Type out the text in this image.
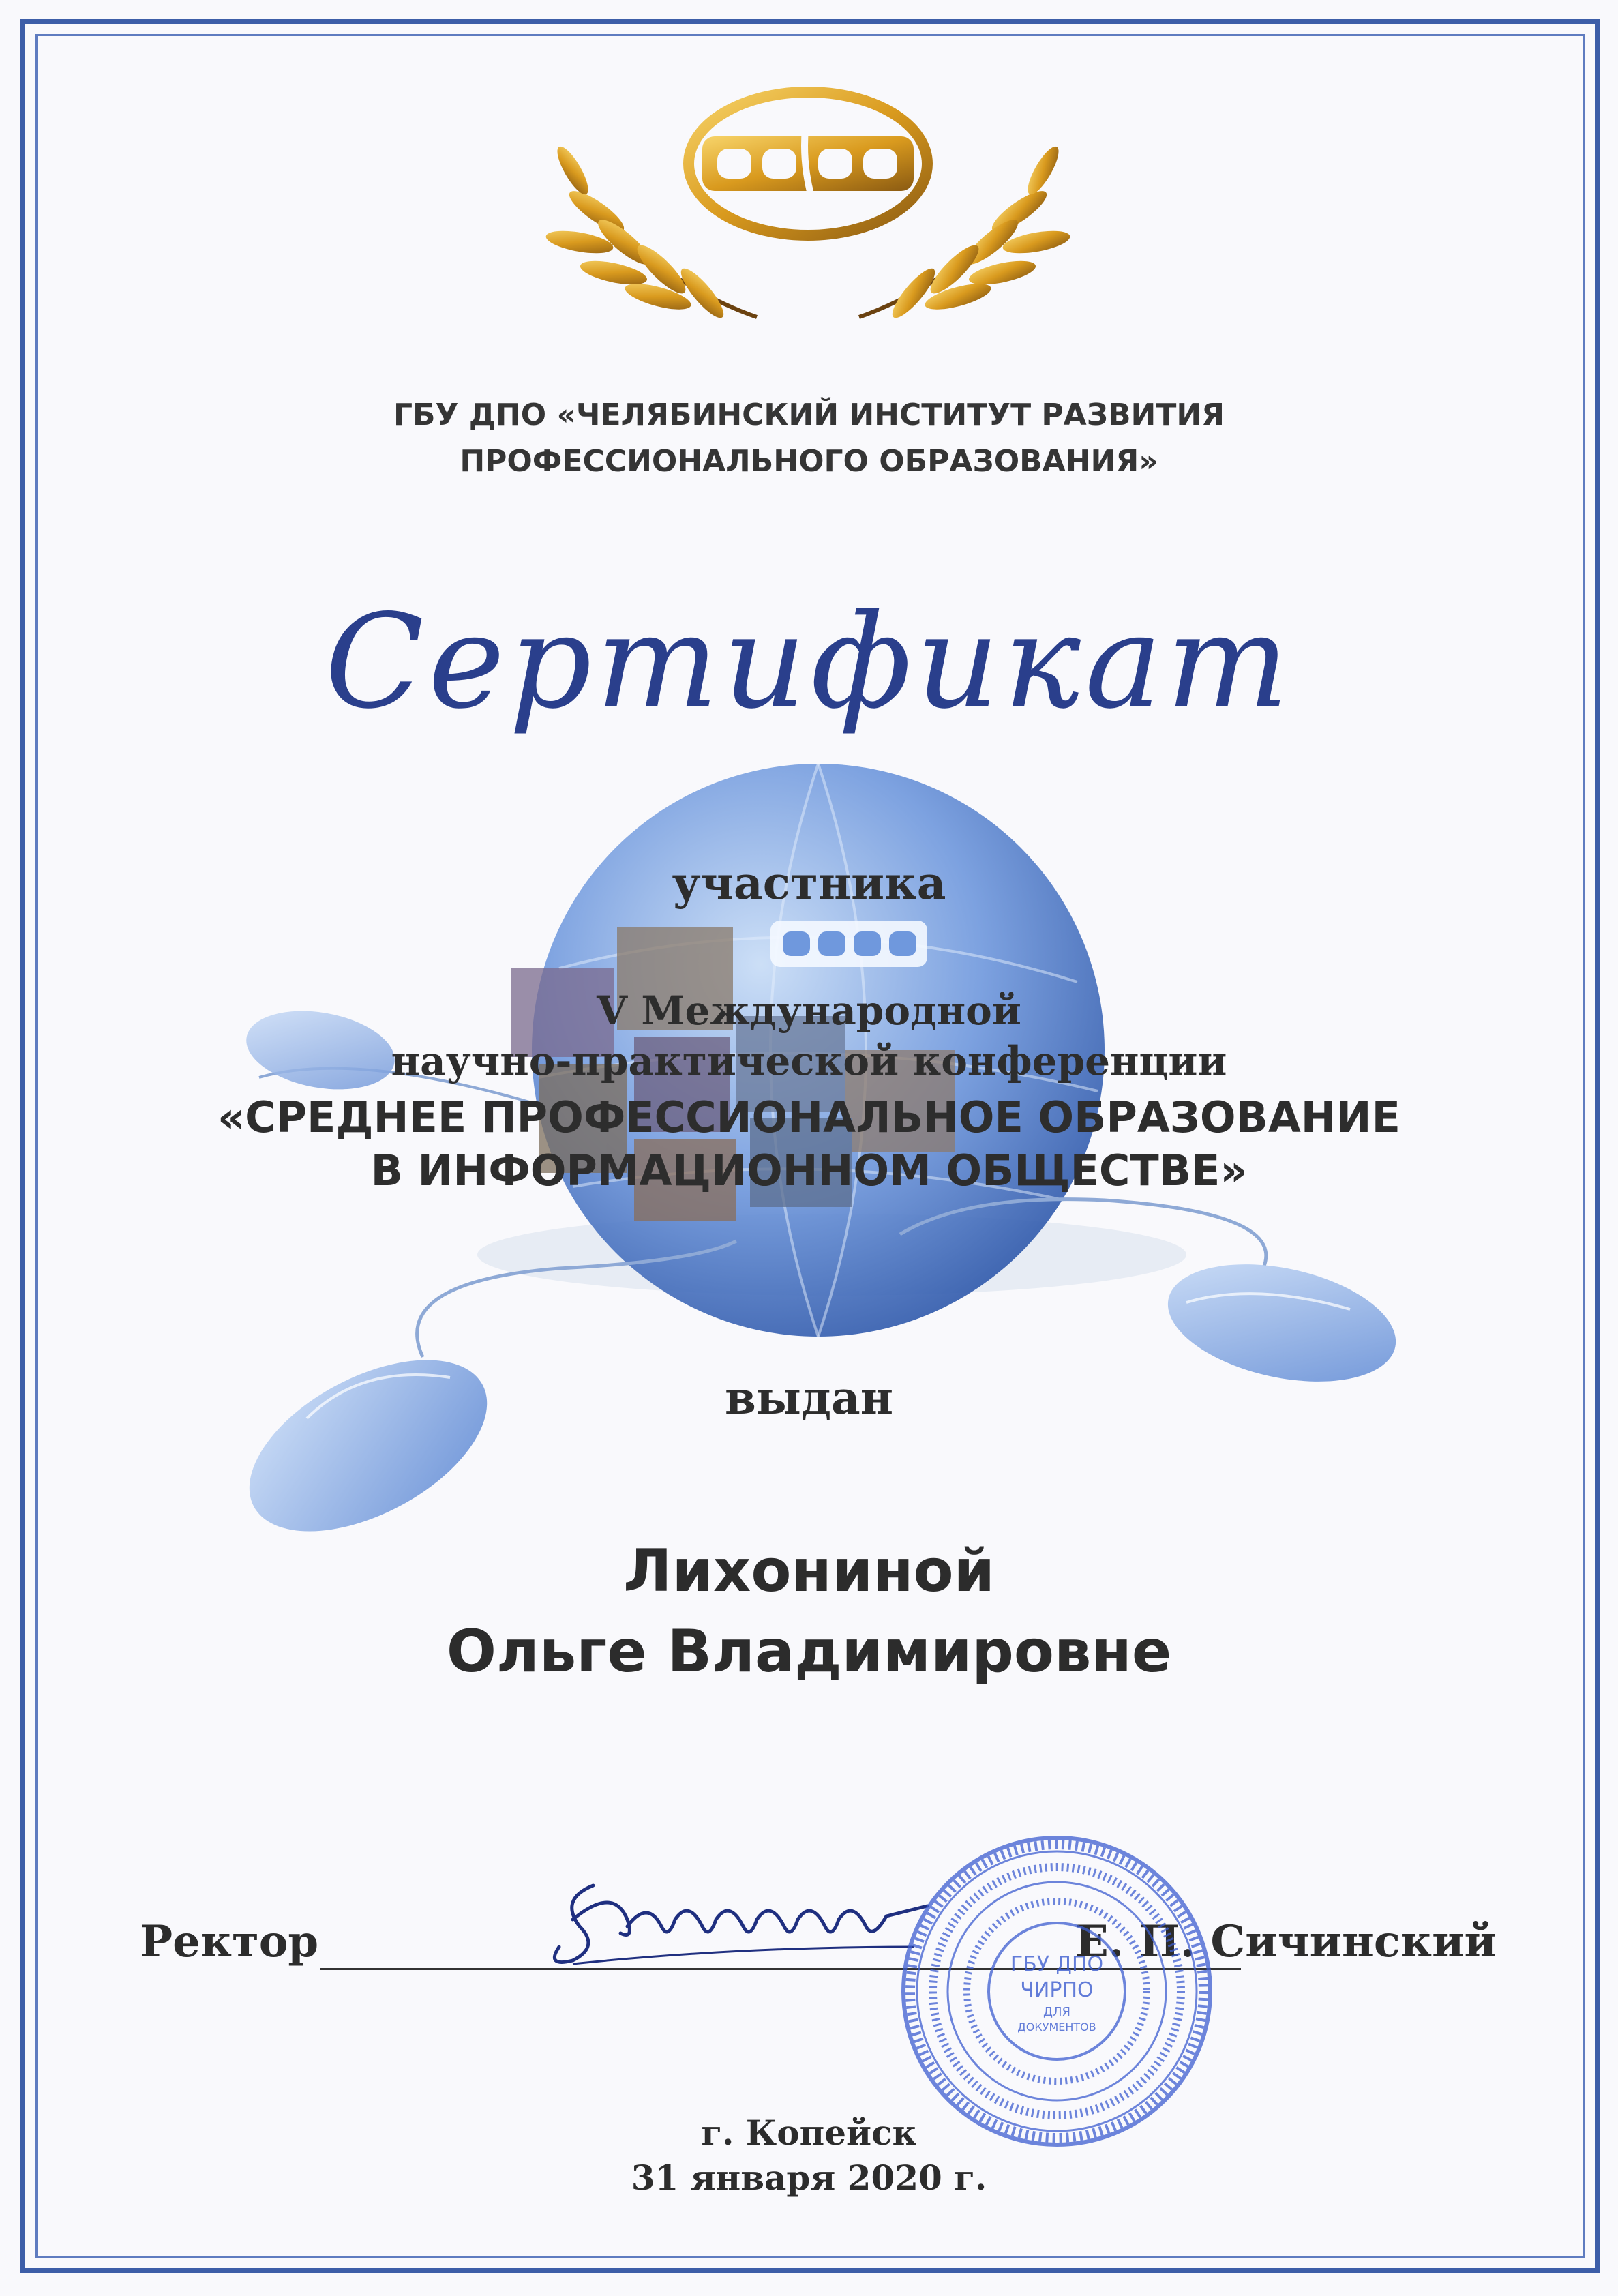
ГБУ ДПО «ЧЕЛЯБИНСКИЙ ИНСТИТУТ РАЗВИТИЯ
ПРОФЕССИОНАЛЬНОГО ОБРАЗОВАНИЯ»
Сертификат
участника
V Международной
научно-практической конференции
«СРЕДНЕЕ ПРОФЕССИОНАЛЬНОЕ ОБРАЗОВАНИЕ
В ИНФОРМАЦИОННОМ ОБЩЕСТВЕ»
выдан
Лихониной
Ольге Владимировне
Ректор	Е. П. Сичинский
ГБУ ДПО
ЧИРПО
ДЛЯ
ДОКУМЕНТОВ
г. Копейск
31 января 2020 г.
